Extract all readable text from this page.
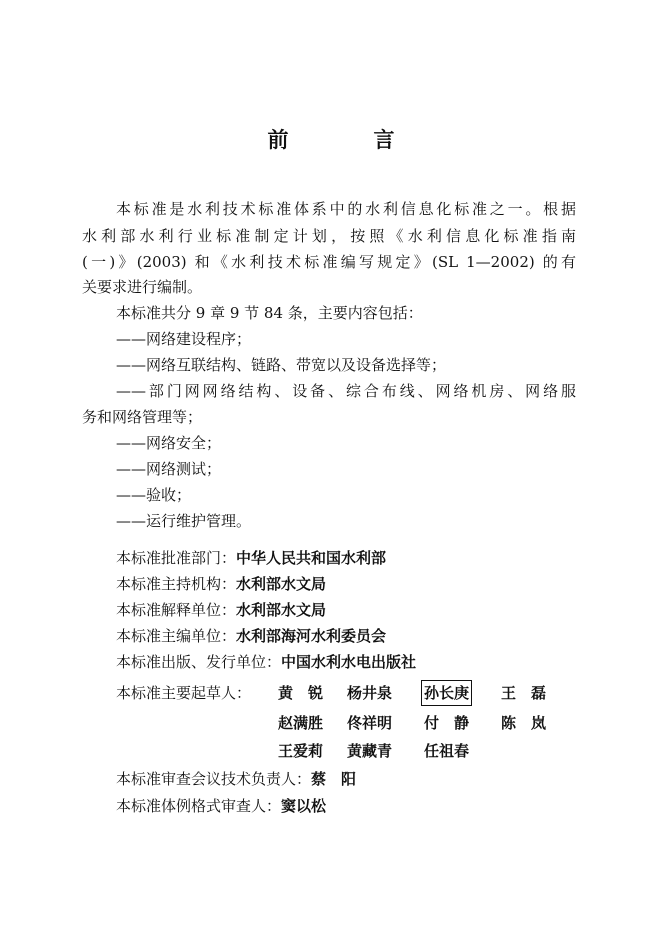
前　言
本标准是水利技术标准体系中的水利信息化标准之一。根据
水利部水利行业标准制定计划，按照《水利信息化标准指南
(一)》(2003) 和《水利技术标准编写规定》(SL 1—2002) 的有
关要求进行编制。
本标准共分 9 章 9 节 84 条，主要内容包括：
——网络建设程序；
——网络互联结构、链路、带宽以及设备选择等；
——部门网网络结构、设备、综合布线、网络机房、网络服
务和网络管理等；
——网络安全；
——网络测试；
——验收；
——运行维护管理。
本标准批准部门：中华人民共和国水利部
本标准主持机构：水利部水文局
本标准解释单位：水利部水文局
本标准主编单位：水利部海河水利委员会
本标准出版、发行单位：中国水利水电出版社
本标准主要起草人： 黄　锐 杨井泉 孙长庚 王　磊
赵满胜 佟祥明 付　静 陈　岚
王爱莉 黄藏青 任祖春
本标准审查会议技术负责人：蔡　阳
本标准体例格式审查人：窦以松
